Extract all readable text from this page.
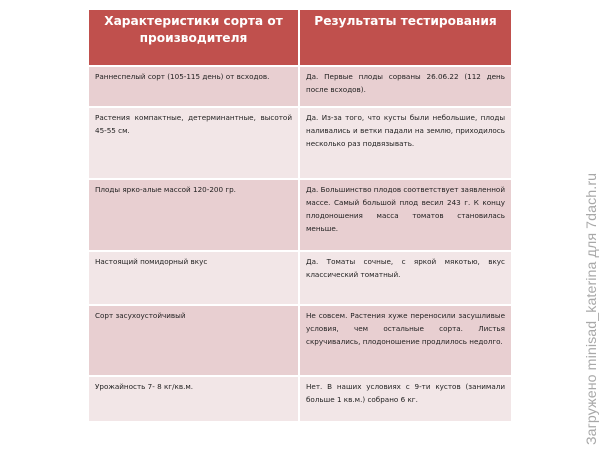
Характеристики сорта от производителя	Результаты тестирования
Раннеспелый сорт (105-115 день) от всходов.	Да. Первые плоды сорваны 26.06.22 (112 день после всходов).
Растения компактные, детерминантные, высотой 45-55 см.	Да. Из-за того, что кусты были небольшие, плоды наливались и ветки падали на землю, приходилось несколько раз подвязывать.
Плоды ярко-алые массой 120-200 гр.	Да. Большинство плодов соответствует заявленной массе. Самый большой плод весил 243 г. К концу плодоношения масса томатов становилась меньше.
Настоящий помидорный вкус	Да. Томаты сочные, с яркой мякотью, вкус классический томатный.
Сорт засухоустойчивый	Не совсем. Растения хуже переносили засушливые условия, чем остальные сорта. Листья скручивались, плодоношение продлилось недолго.
Урожайность 7- 8 кг/кв.м.	Нет. В наших условиях с 9-ти кустов (занимали больше 1 кв.м.) собрано 6 кг.	Загружено minisad_katerina для 7dach.ru
